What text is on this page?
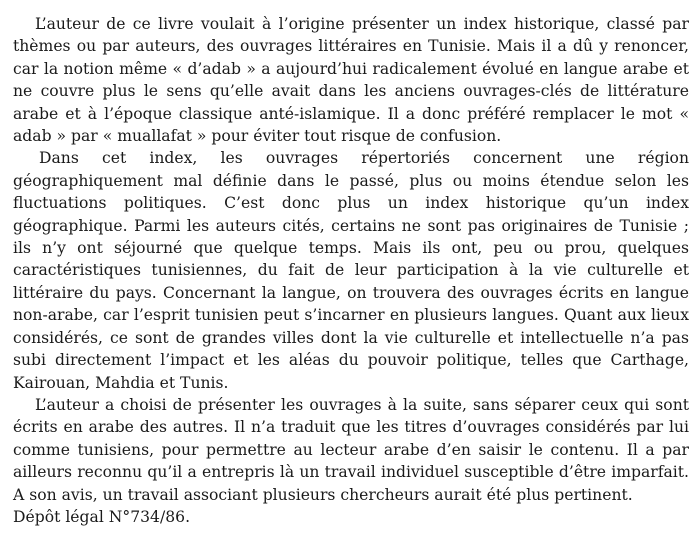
L’auteur de ce livre voulait à l’origine présenter un index historique, classé par thèmes ou par auteurs, des ouvrages littéraires en Tunisie. Mais il a dû y renoncer, car la notion même « d’adab » a aujourd’hui radicalement évolué en langue arabe et ne couvre plus le sens qu’elle avait dans les anciens ouvrages-clés de littérature arabe et à l’époque classique anté-islamique. Il a donc préféré remplacer le mot « adab » par « muallafat » pour éviter tout risque de confusion.

Dans cet index, les ouvrages répertoriés concernent une région géographiquement mal définie dans le passé, plus ou moins étendue selon les fluctuations politiques. C’est donc plus un index historique qu’un index géographique. Parmi les auteurs cités, certains ne sont pas originaires de Tunisie ; ils n’y ont séjourné que quelque temps. Mais ils ont, peu ou prou, quelques caractéristiques tunisiennes, du fait de leur participation à la vie culturelle et littéraire du pays. Concernant la langue, on trouvera des ouvrages écrits en langue non-arabe, car l’esprit tunisien peut s’incarner en plusieurs langues. Quant aux lieux considérés, ce sont de grandes villes dont la vie culturelle et intellectuelle n’a pas subi directement l’impact et les aléas du pouvoir politique, telles que Carthage, Kairouan, Mahdia et Tunis.

L’auteur a choisi de présenter les ouvrages à la suite, sans séparer ceux qui sont écrits en arabe des autres. Il n’a traduit que les titres d’ouvrages considérés par lui comme tunisiens, pour permettre au lecteur arabe d’en saisir le contenu. Il a par ailleurs reconnu qu’il a entrepris là un travail individuel susceptible d’être imparfait. A son avis, un travail associant plusieurs chercheurs aurait été plus pertinent.

Dépôt légal N°734/86.
